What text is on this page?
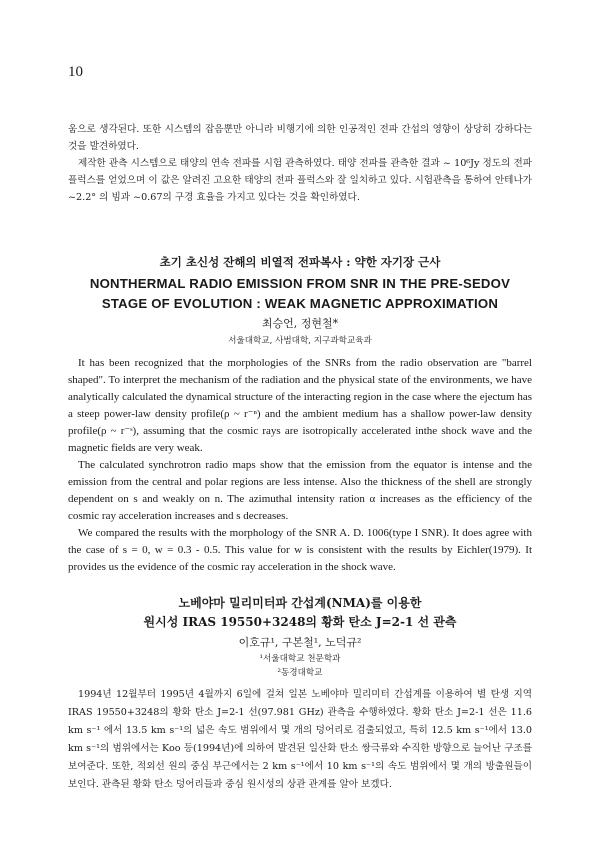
10

움으로 생각된다. 또한 시스템의 잡음뿐만 아니라 비행기에 의한 인공적인 전파 간섭의 영향이 상당히 강하다는 것을 발견하였다.

제작한 관측 시스템으로 태양의 연속 전파를 시험 관측하였다. 태양 전파를 관측한 결과 ~ 10⁶Jy 정도의 전파 플럭스를 얻었으며 이 값은 알려진 고요한 태양의 전파 플럭스와 잘 일치하고 있다. 시험관측을 통하여 안테나가 ~2.2° 의 빔과 ~0.67의 구경 효율을 가지고 있다는 것을 확인하였다.

초기 초신성 잔해의 비열적 전파복사 : 약한 자기장 근사
NONTHERMAL RADIO EMISSION FROM SNR IN THE PRE-SEDOV
STAGE OF EVOLUTION : WEAK MAGNETIC APPROXIMATION
최승언, 정현철*
서울대학교, 사범대학, 지구과학교육과

It has been recognized that the morphologies of the SNRs from the radio observation are "barrel shaped". To interpret the mechanism of the radiation and the physical state of the environments, we have analytically calculated the dynamical structure of the interacting region in the case where the ejectum has a steep power-law density profile(ρ ~ r⁻ⁿ) and the ambient medium has a shallow power-law density profile(ρ ~ r⁻ˢ), assuming that the cosmic rays are isotropically accelerated inthe shock wave and the magnetic fields are very weak.

The calculated synchrotron radio maps show that the emission from the equator is intense and the emission from the central and polar regions are less intense. Also the thickness of the shell are strongly dependent on s and weakly on n. The azimuthal intensity ration α increases as the efficiency of the cosmic ray acceleration increases and s decreases.

We compared the results with the morphology of the SNR A. D. 1006(type I SNR). It does agree with the case of s = 0, w = 0.3 - 0.5. This value for w is consistent with the results by Eichler(1979). It provides us the evidence of the cosmic ray acceleration in the shock wave.

노베야마 밀리미터파 간섭계(NMA)를 이용한
원시성 IRAS 19550+3248의 황화 탄소 J=2-1 선 관측
이호규¹, 구본철¹, 노덕규²
¹서울대학교 천문학과
²동경대학교

1994년 12월부터 1995년 4월까지 6일에 걸쳐 일본 노베야마 밀리미터 간섭계를 이용하여 별 탄생 지역 IRAS 19550+3248의 황화 탄소 J=2-1 선(97.981 GHz) 관측을 수행하였다. 황화 탄소 J=2-1 선은 11.6 km s⁻¹ 에서 13.5 km s⁻¹의 넓은 속도 범위에서 몇 개의 덩어리로 검출되었고, 특히 12.5 km s⁻¹에서 13.0 km s⁻¹의 범위에서는 Koo 등(1994년)에 의하여 발견된 일산화 탄소 쌍극류와 수직한 방향으로 늘어난 구조를 보여준다. 또한, 적외선 원의 중심 부근에서는 2 km s⁻¹에서 10 km s⁻¹의 속도 범위에서 몇 개의 방출원들이 보인다. 관측된 황화 탄소 덩어리들과 중심 원시성의 상관 관계를 알아 보겠다.
